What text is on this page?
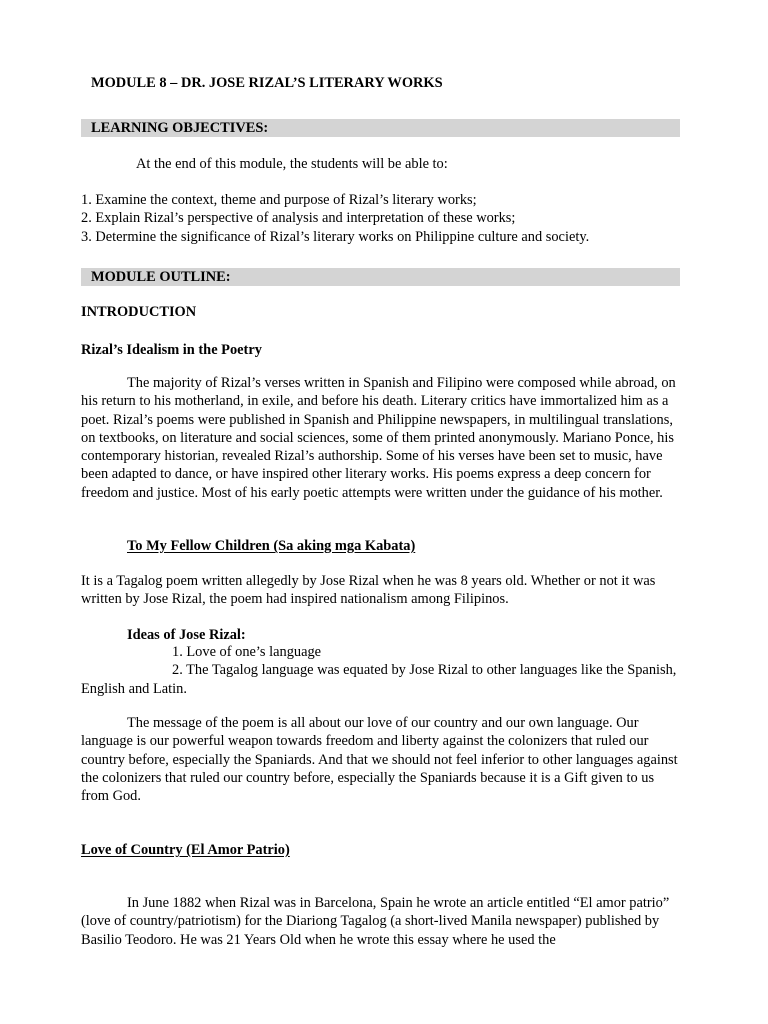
MODULE 8 – DR. JOSE RIZAL’S LITERARY WORKS

LEARNING OBJECTIVES:

At the end of this module, the students will be able to:

1. Examine the context, theme and purpose of Rizal’s literary works;
2. Explain Rizal’s perspective of analysis and interpretation of these works;
3. Determine the significance of Rizal’s literary works on Philippine culture and society.
MODULE OUTLINE:

INTRODUCTION

Rizal’s Idealism in the Poetry

The majority of Rizal’s verses written in Spanish and Filipino were composed while abroad, on his return to his motherland, in exile, and before his death. Literary critics have immortalized him as a poet. Rizal’s poems were published in Spanish and Philippine newspapers, in multilingual translations, on textbooks, on literature and social sciences, some of them printed anonymously. Mariano Ponce, his contemporary historian, revealed Rizal’s authorship. Some of his verses have been set to music, have been adapted to dance, or have inspired other literary works. His poems express a deep concern for freedom and justice. Most of his early poetic attempts were written under the guidance of his mother.

To My Fellow Children (Sa aking mga Kabata)

It is a Tagalog poem written allegedly by Jose Rizal when he was 8 years old. Whether or not it was written by Jose Rizal, the poem had inspired nationalism among Filipinos.

Ideas of Jose Rizal:

1. Love of one’s language
2. The Tagalog language was equated by Jose Rizal to other languages like the Spanish, English and Latin.

The message of the poem is all about our love of our country and our own language. Our language is our powerful weapon towards freedom and liberty against the colonizers that ruled our country before, especially the Spaniards. And that we should not feel inferior to other languages against the colonizers that ruled our country before, especially the Spaniards because it is a Gift given to us from God.

Love of Country (El Amor Patrio)

In June 1882 when Rizal was in Barcelona, Spain he wrote an article entitled “El amor patrio” (love of country/patriotism) for the Diariong Tagalog (a short-lived Manila newspaper) published by Basilio Teodoro. He was 21 Years Old when he wrote this essay where he used the
